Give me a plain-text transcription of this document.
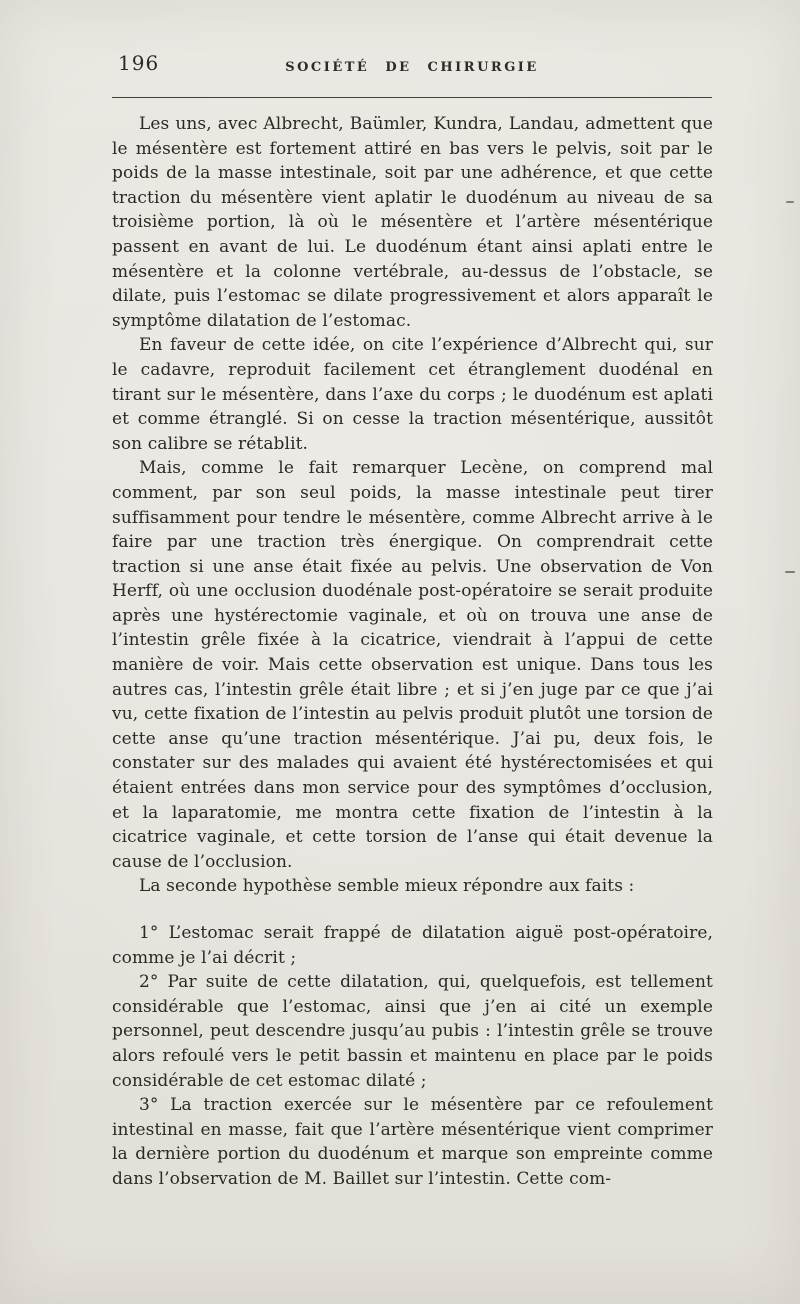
196	SOCIÉTÉ DE CHIRURGIE

Les uns, avec Albrecht, Baümler, Kundra, Landau, admettent que le mésentère est fortement attiré en bas vers le pelvis, soit par le poids de la masse intestinale, soit par une adhérence, et que cette traction du mésentère vient aplatir le duodénum au niveau de sa troisième portion, là où le mésentère et l’artère mésentérique passent en avant de lui. Le duodénum étant ainsi aplati entre le mésentère et la colonne vertébrale, au-dessus de l’obstacle, se dilate, puis l’estomac se dilate progressivement et alors apparaît le symptôme dilatation de l’estomac.

En faveur de cette idée, on cite l’expérience d’Albrecht qui, sur le cadavre, reproduit facilement cet étranglement duodénal en tirant sur le mésentère, dans l’axe du corps ; le duodénum est aplati et comme étranglé. Si on cesse la traction mésentérique, aussitôt son calibre se rétablit.

Mais, comme le fait remarquer Lecène, on comprend mal comment, par son seul poids, la masse intestinale peut tirer suffisamment pour tendre le mésentère, comme Albrecht arrive à le faire par une traction très énergique. On comprendrait cette traction si une anse était fixée au pelvis. Une observation de Von Herff, où une occlusion duodénale post-opératoire se serait produite après une hystérectomie vaginale, et où on trouva une anse de l’intestin grêle fixée à la cicatrice, viendrait à l’appui de cette manière de voir. Mais cette observation est unique. Dans tous les autres cas, l’intestin grêle était libre ; et si j’en juge par ce que j’ai vu, cette fixation de l’intestin au pelvis produit plutôt une torsion de cette anse qu’une traction mésentérique. J’ai pu, deux fois, le constater sur des malades qui avaient été hystérectomisées et qui étaient entrées dans mon service pour des symptômes d’occlusion, et la laparatomie, me montra cette fixation de l’intestin à la cicatrice vaginale, et cette torsion de l’anse qui était devenue la cause de l’occlusion.

La seconde hypothèse semble mieux répondre aux faits :

1° L’estomac serait frappé de dilatation aiguë post-opératoire, comme je l’ai décrit ;

2° Par suite de cette dilatation, qui, quelquefois, est tellement considérable que l’estomac, ainsi que j’en ai cité un exemple personnel, peut descendre jusqu’au pubis : l’intestin grêle se trouve alors refoulé vers le petit bassin et maintenu en place par le poids considérable de cet estomac dilaté ;

3° La traction exercée sur le mésentère par ce refoulement intestinal en masse, fait que l’artère mésentérique vient comprimer la dernière portion du duodénum et marque son empreinte comme dans l’observation de M. Baillet sur l’intestin. Cette com-
